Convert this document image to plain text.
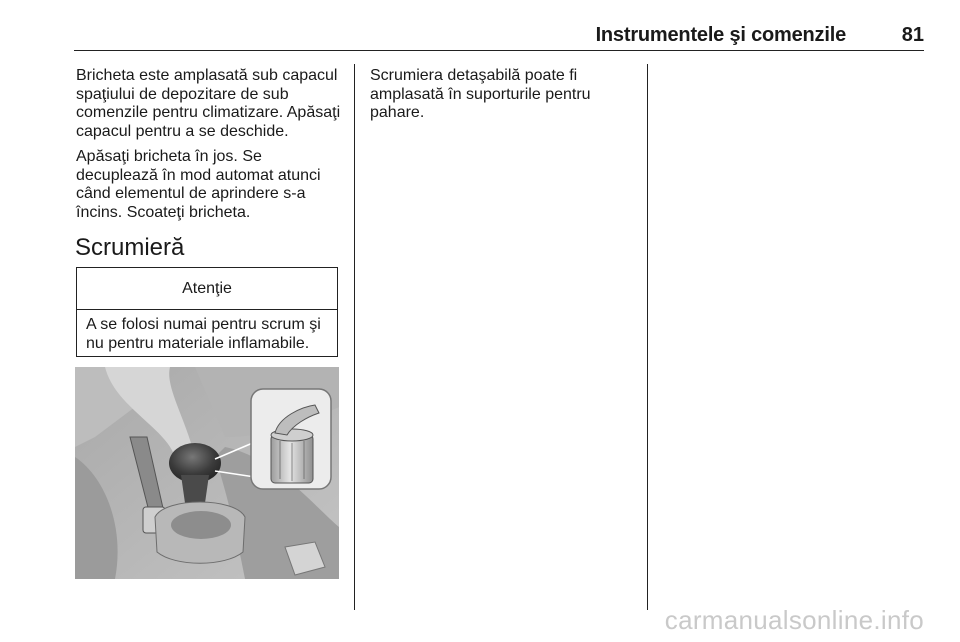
Instrumentele şi comenzile	81

Bricheta este amplasată sub capacul spaţiului de depozitare de sub comenzile pentru climatizare. Apăsaţi capacul pentru a se deschide.

Apăsaţi bricheta în jos. Se decuplează în mod automat atunci când elementul de aprindere s-a încins. Scoateţi bricheta.

Scrumieră
Atenţie
A se folosi numai pentru scrum şi nu pentru materiale inflamabile.

Scrumiera detaşabilă poate fi amplasată în suporturile pentru pahare.

carmanualsonline.info
